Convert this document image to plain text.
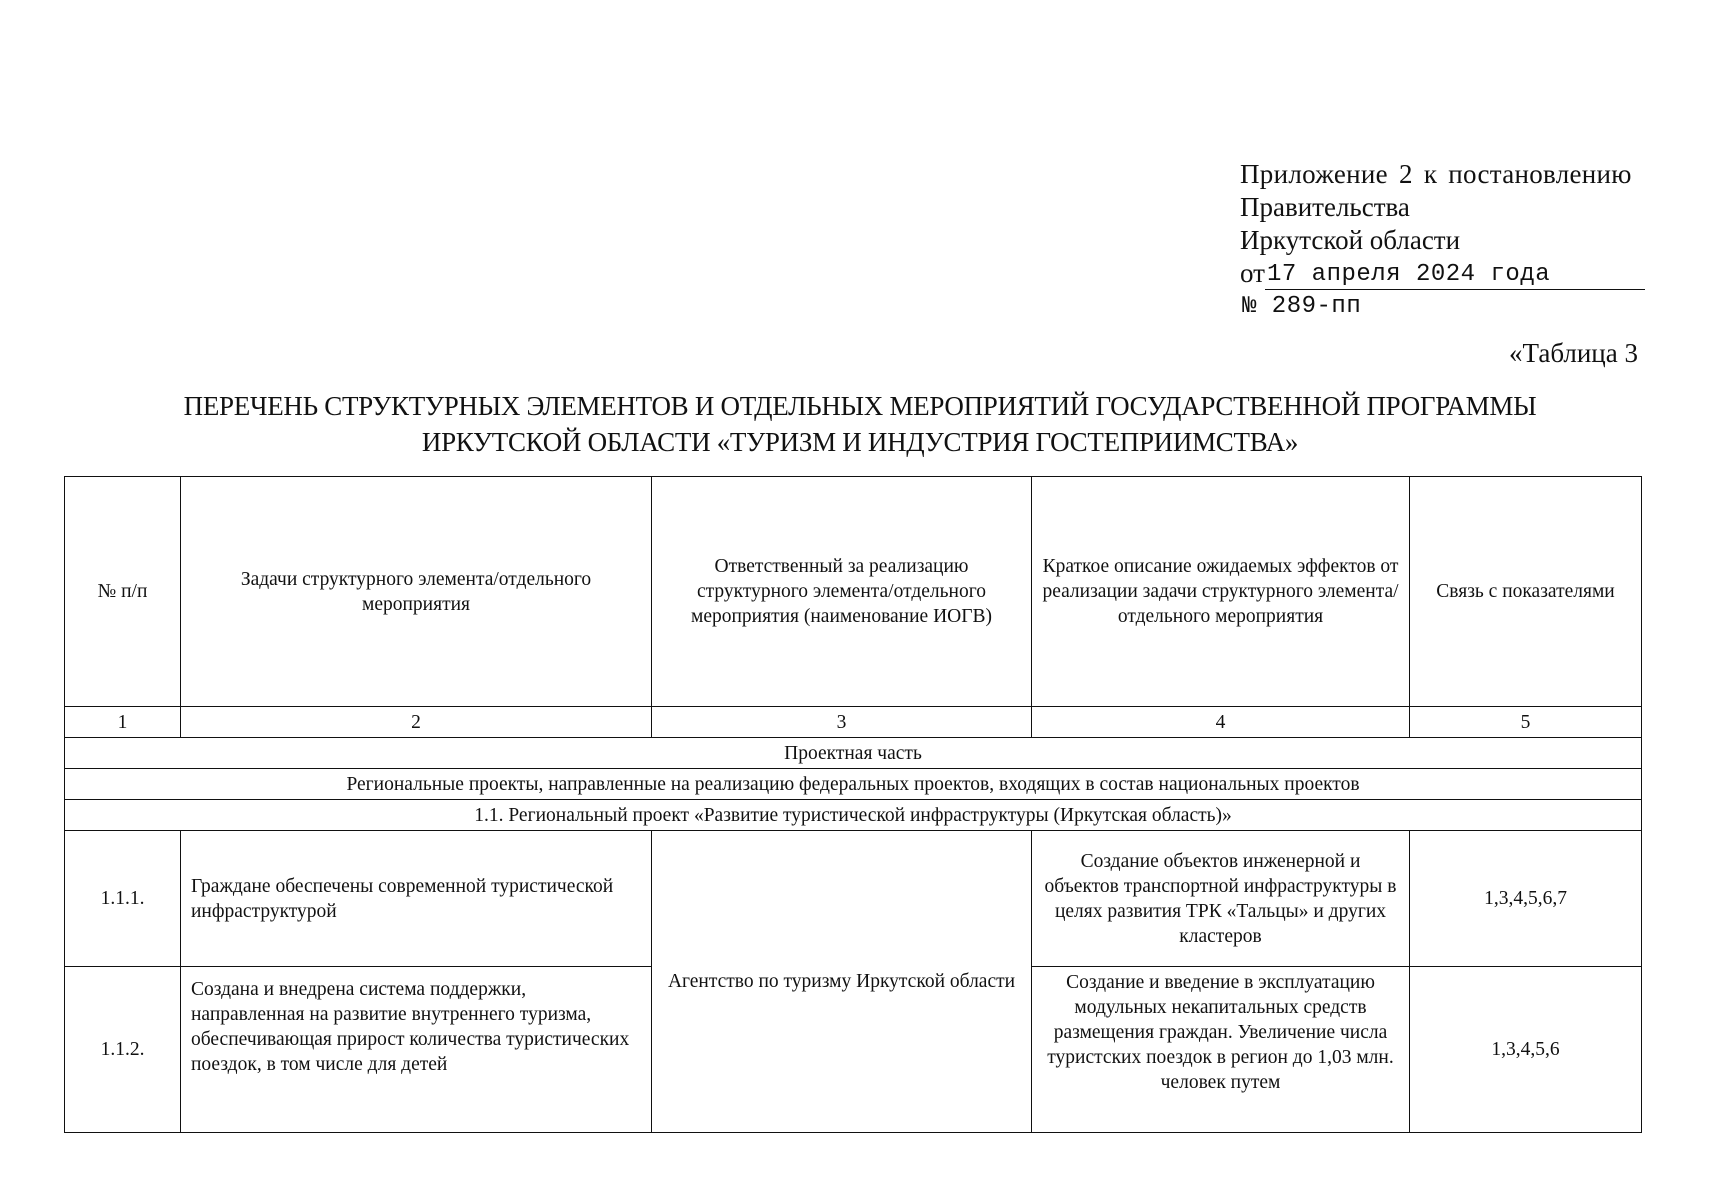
Приложение 2 к постановлению
Правительства
Иркутской области
от 17 апреля 2024 года
№ 289-пп
«Таблица 3
ПЕРЕЧЕНЬ СТРУКТУРНЫХ ЭЛЕМЕНТОВ И ОТДЕЛЬНЫХ МЕРОПРИЯТИЙ ГОСУДАРСТВЕННОЙ ПРОГРАММЫ
ИРКУТСКОЙ ОБЛАСТИ «ТУРИЗМ И ИНДУСТРИЯ ГОСТЕПРИИМСТВА»
№ п/п	Задачи структурного элемента/отдельного мероприятия	Ответственный за реализацию структурного элемента/отдельного мероприятия (наименование ИОГВ)	Краткое описание ожидаемых эффектов от реализации задачи структурного элемента/ отдельного мероприятия	Связь с показателями
1	2	3	4	5
Проектная часть				
Региональные проекты, направленные на реализацию федеральных проектов, входящих в состав национальных проектов				
1.1. Региональный проект «Развитие туристической инфраструктуры (Иркутская область)»				
1.1.1.	Граждане обеспечены современной туристической инфраструктурой	Агентство по туризму Иркутской области	Создание объектов инженерной и объектов транспортной инфраструктуры в целях развития ТРК «Тальцы» и других кластеров	1,3,4,5,6,7
1.1.2.	Создана и внедрена система поддержки, направленная на развитие внутреннего туризма, обеспечивающая прирост количества туристических поездок, в том числе для детей		Создание и введение в эксплуатацию модульных некапитальных средств размещения граждан. Увеличение числа туристских поездок в регион до 1,03 млн. человек путем	1,3,4,5,6
